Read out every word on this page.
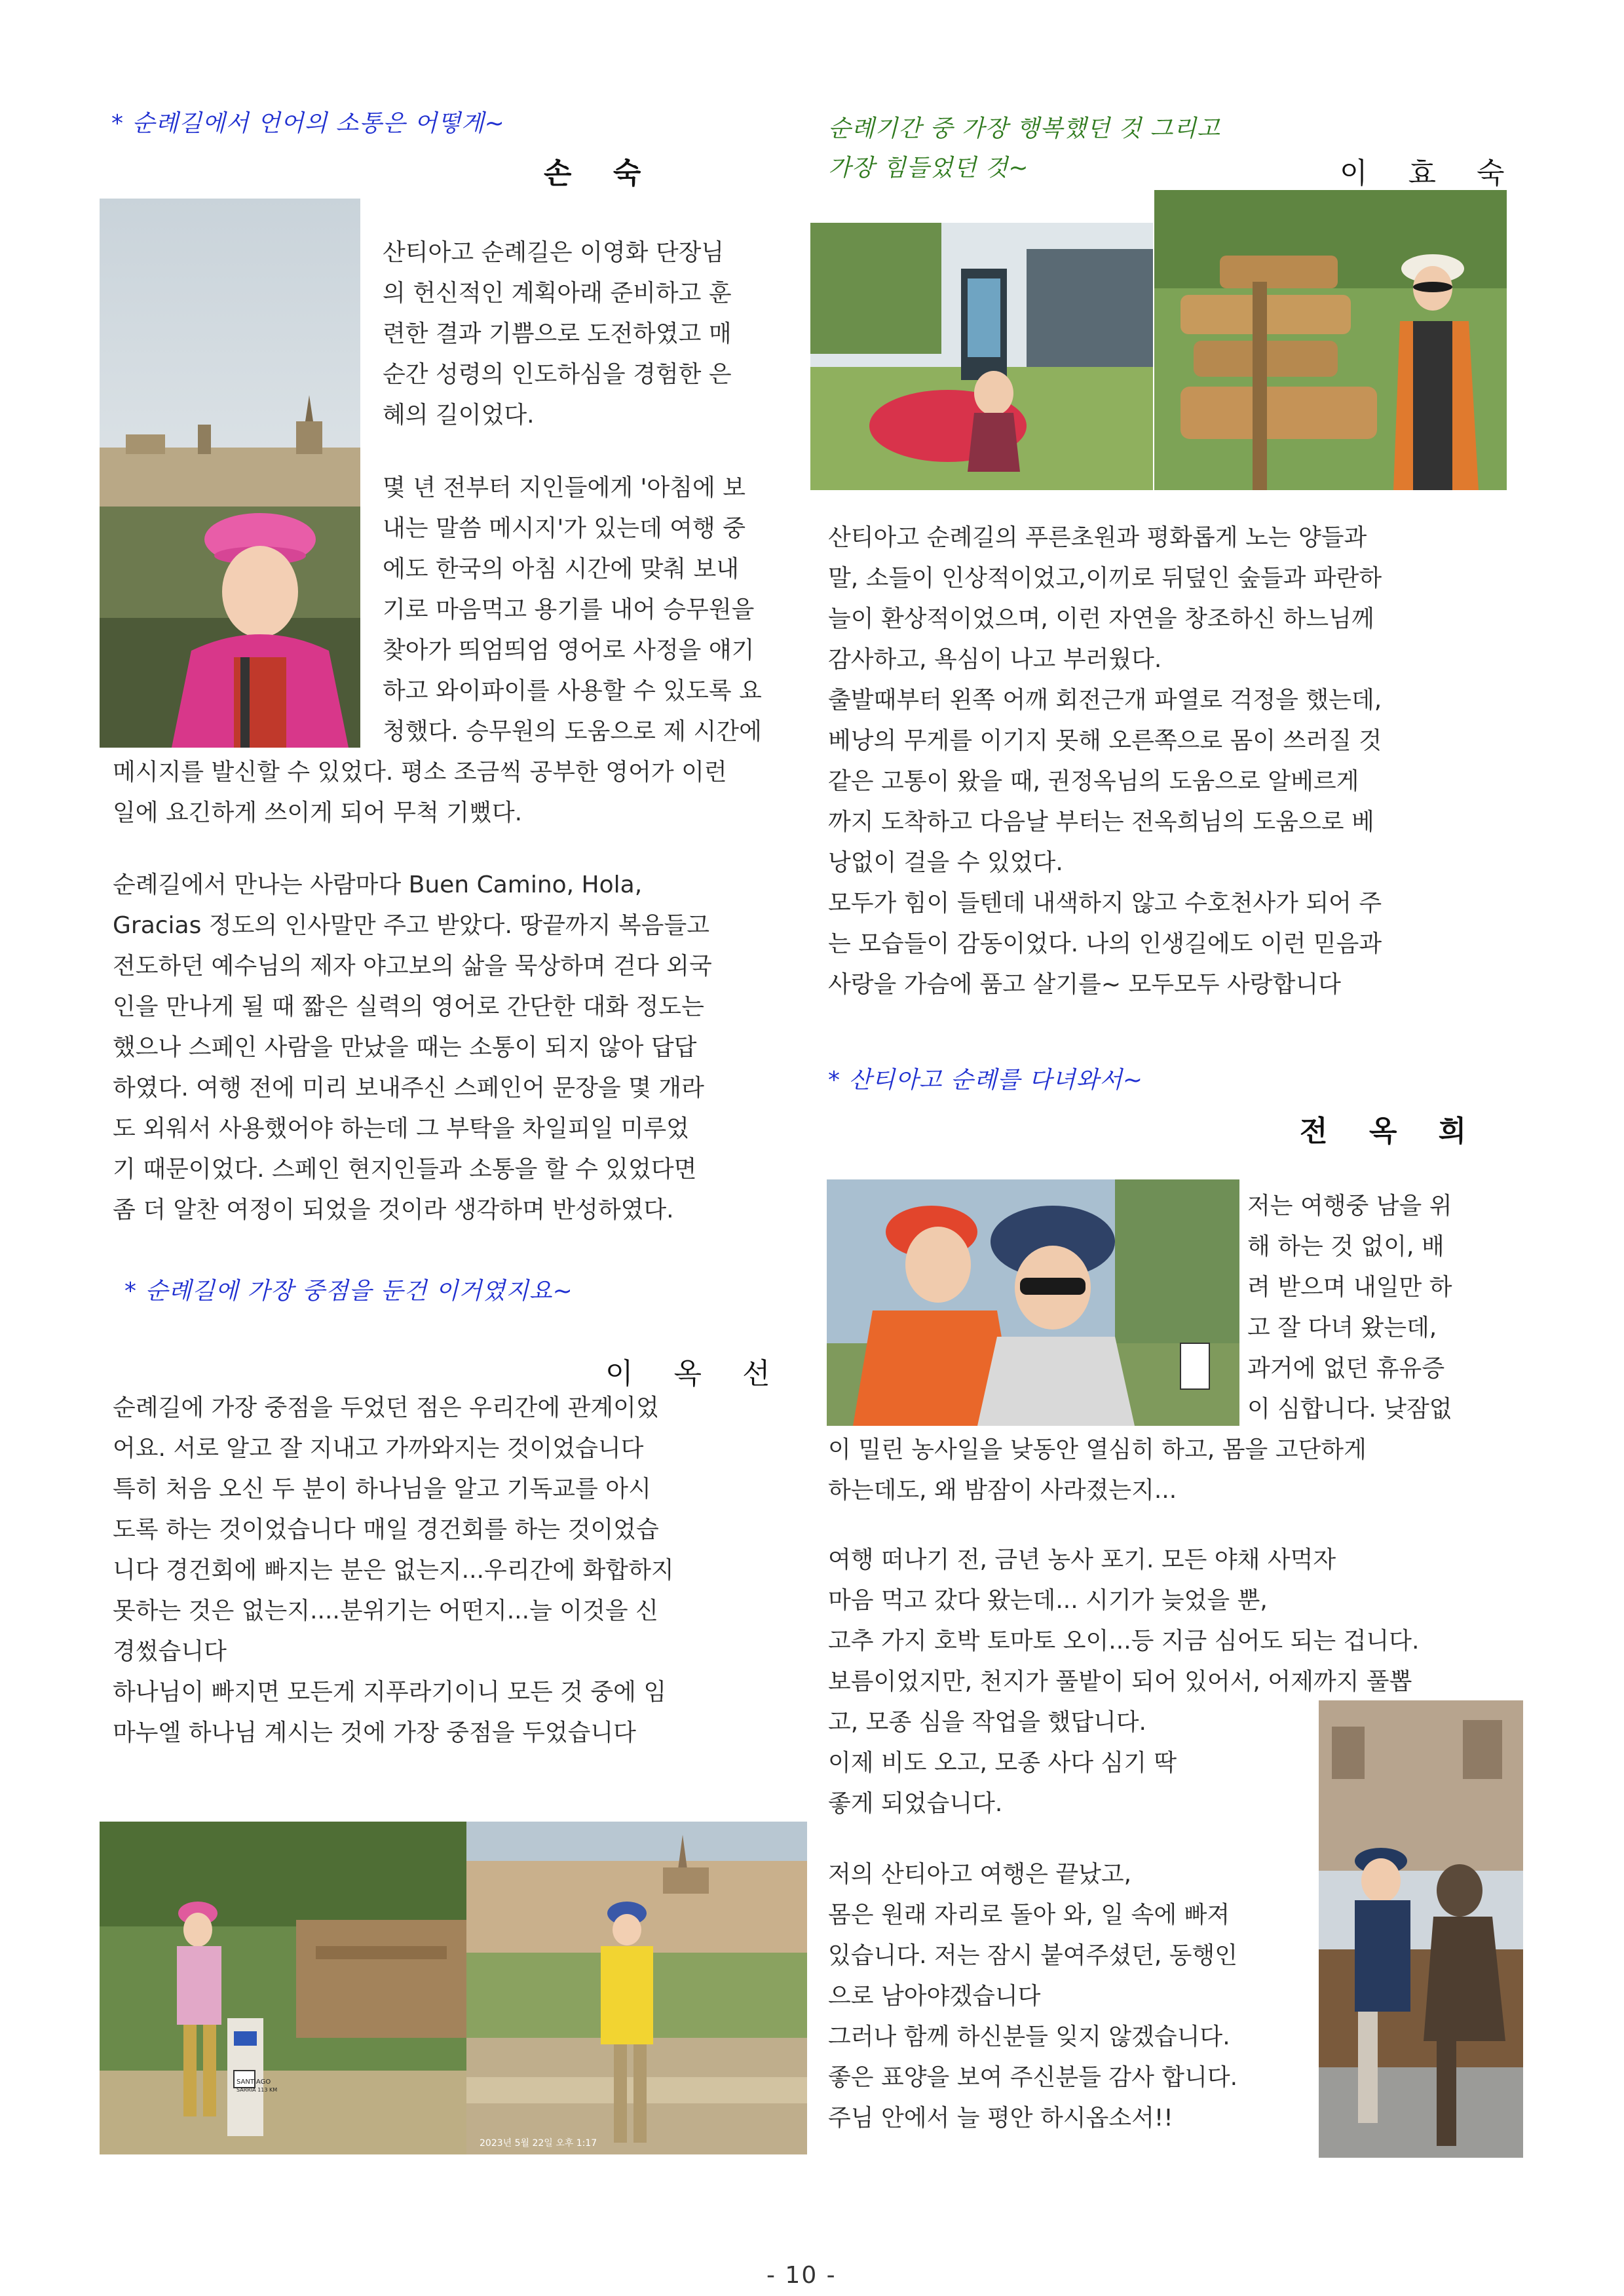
* 순례길에서 언어의 소통은 어떻게~
손 숙

산티아고 순례길은 이영화 단장님

의 헌신적인 계획아래 준비하고 훈

련한 결과 기쁨으로 도전하였고 매

순간 성령의 인도하심을 경험한 은

혜의 길이었다.

몇 년 전부터 지인들에게 '아침에 보

내는 말씀 메시지'가 있는데 여행 중

에도 한국의 아침 시간에 맞춰 보내

기로 마음먹고 용기를 내어 승무원을

찾아가 띄엄띄엄 영어로 사정을 얘기

하고 와이파이를 사용할 수 있도록 요

청했다. 승무원의 도움으로 제 시간에

메시지를 발신할 수 있었다. 평소 조금씩 공부한 영어가 이런

일에 요긴하게 쓰이게 되어 무척 기뻤다.

순례길에서 만나는 사람마다 Buen Camino, Hola,

Gracias 정도의 인사말만 주고 받았다. 땅끝까지 복음들고

전도하던 예수님의 제자 야고보의 삶을 묵상하며 걷다 외국

인을 만나게 될 때 짧은 실력의 영어로 간단한 대화 정도는

했으나 스페인 사람을 만났을 때는 소통이 되지 않아 답답

하였다. 여행 전에 미리 보내주신 스페인어 문장을 몇 개라

도 외워서 사용했어야 하는데 그 부탁을 차일피일 미루었

기 때문이었다. 스페인 현지인들과 소통을 할 수 있었다면

좀 더 알찬 여정이 되었을 것이라 생각하며 반성하였다.

* 순례길에 가장 중점을 둔건 이거였지요~
이 옥 선

순례길에 가장 중점을 두었던 점은 우리간에 관계이었

어요. 서로 알고 잘 지내고 가까와지는 것이었습니다

특히 처음 오신 두 분이 하나님을 알고 기독교를 아시

도록 하는 것이었습니다 매일 경건회를 하는 것이었습

니다 경건회에 빠지는 분은 없는지...우리간에 화합하지

못하는 것은 없는지....분위기는 어떤지...늘 이것을 신

경썼습니다

하나님이 빠지면 모든게 지푸라기이니 모든 것 중에 임

마누엘 하나님 계시는 것에 가장 중점을 두었습니다

SANTIAGO
SARRIA 113 KM
2023년 5월 22일 오후 1:17
순례기간 중 가장 행복했던 것 그리고
가장 힘들었던 것~	이 효 숙

산티아고 순례길의 푸른초원과 평화롭게 노는 양들과

말, 소들이 인상적이었고,이끼로 뒤덮인 숲들과 파란하

늘이 환상적이었으며, 이런 자연을 창조하신 하느님께

감사하고, 욕심이 나고 부러웠다.

출발때부터 왼쪽 어깨 회전근개 파열로 걱정을 했는데,

베낭의 무게를 이기지 못해 오른쪽으로 몸이 쓰러질 것

같은 고통이 왔을 때, 권정옥님의 도움으로 알베르게

까지 도착하고 다음날 부터는 전옥희님의 도움으로 베

낭없이 걸을 수 있었다.

모두가 힘이 들텐데 내색하지 않고 수호천사가 되어 주

는 모습들이 감동이었다. 나의 인생길에도 이런 믿음과

사랑을 가슴에 품고 살기를~ 모두모두 사랑합니다

* 산티아고 순례를 다녀와서~
전 옥 희

저는 여행중 남을 위

해 하는 것 없이, 배

려 받으며 내일만 하

고 잘 다녀 왔는데,

과거에 없던 휴유증

이 심합니다. 낮잠없

이 밀린 농사일을 낮동안 열심히 하고, 몸을 고단하게

하는데도, 왜 밤잠이 사라졌는지...

여행 떠나기 전, 금년 농사 포기. 모든 야채 사먹자

마음 먹고 갔다 왔는데... 시기가 늦었을 뿐,

고추 가지 호박 토마토 오이...등 지금 심어도 되는 겁니다.

보름이었지만, 천지가 풀밭이 되어 있어서, 어제까지 풀뽑

고, 모종 심을 작업을 했답니다.

이제 비도 오고, 모종 사다 심기 딱

좋게 되었습니다.

저의 산티아고 여행은 끝났고,

몸은 원래 자리로 돌아 와, 일 속에 빠져

있습니다. 저는 잠시 붙여주셨던, 동행인

으로 남아야겠습니다

그러나 함께 하신분들 잊지 않겠습니다.

좋은 표양을 보여 주신분들 감사 합니다.

주님 안에서 늘 평안 하시옵소서!!

- 10 -
